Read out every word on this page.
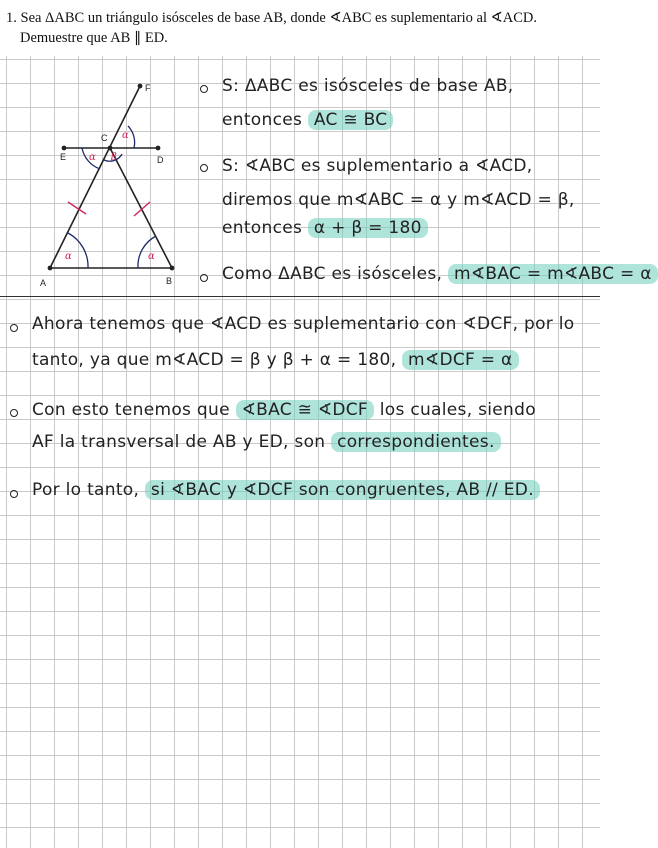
1. Sea ΔABC un triángulo isósceles de base AB, donde ∢ABC es suplementario al ∢ACD.
Demuestre que AB ∥ ED.
A	B
C
D
E
F
α	α
α β
α
S: ΔABC es isósceles de base AB,
entonces AC ≅ BC
S: ∢ABC es suplementario a ∢ACD,
diremos que m∢ABC = α y m∢ACD = β,
entonces α + β = 180
Como ΔABC es isósceles, m∢BAC = m∢ABC = α
Ahora tenemos que ∢ACD es suplementario con ∢DCF, por lo
tanto, ya que m∢ACD = β y β + α = 180, m∢DCF = α
Con esto tenemos que ∢BAC ≅ ∢DCF los cuales, siendo
AF la transversal de AB y ED, son correspondientes.
Por lo tanto, si ∢BAC y ∢DCF son congruentes, AB // ED.
